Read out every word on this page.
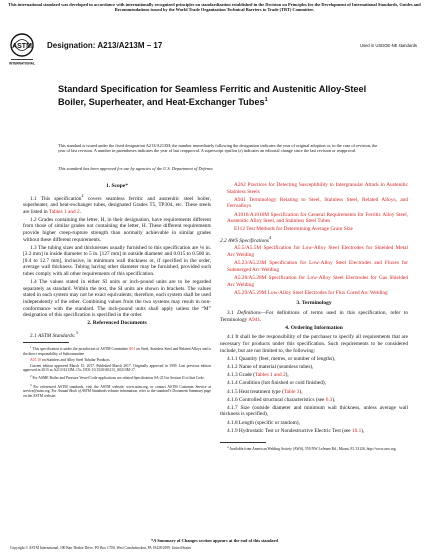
This international standard was developed in accordance with internationally recognized principles on standardization established in the Decision on Principles for the Development of International Standards, Guides and Recommendations issued by the World Trade Organization Technical Barriers to Trade (TBT) Committee.
ASTM
INTERNATIONAL
Designation: A213/A213M – 17	Used in USDOE-NE standards
Standard Specification for Seamless Ferritic and Austenitic Alloy-Steel Boiler, Superheater, and Heat-Exchanger Tubes$^1$
This standard is issued under the fixed designation A213/A213M; the number immediately following the designation indicates the year of original adoption or, in the case of revision, the year of last revision. A number in parentheses indicates the year of last reapproval. A superscript epsilon (ε) indicates an editorial change since the last revision or reapproval.
This standard has been approved for use by agencies of the U.S. Department of Defense.
1. Scope*

1.1 This specification$^2$ covers seamless ferritic and austenitic steel boiler, superheater, and heat-exchanger tubes, designated Grades T5, TP304, etc. These steels are listed in Tables 1 and 2.

1.2 Grades containing the letter, H, in their designation, have requirements different from those of similar grades not containing the letter, H. These different requirements provide higher creep-rupture strength than normally achievable in similar grades without these different requirements.

1.3 The tubing sizes and thicknesses usually furnished to this specification are ⅛ in. [3.2 mm] in inside diameter to 5 in. [127 mm] in outside diameter and 0.015 to 0.500 in. [0.4 to 12.7 mm], inclusive, in minimum wall thickness or, if specified in the order, average wall thickness. Tubing having other diameter may be furnished, provided such tubes comply with all other requirements of this specification.

1.4 The values stated in either SI units or inch-pound units are to be regarded separately as standard. Within the text, the SI units are shown in brackets. The values stated in each system may not be exact equivalents; therefore, each system shall be used independently of the other. Combining values from the two systems may result in non-conformance with the standard. The inch-pound units shall apply unless the “M” designation of this specification is specified in the order.

2. Referenced Documents

2.1 ASTM Standards:$^3$

$^1$ This specification is under the jurisdiction of ASTM Committee A01 on Steel, Stainless Steel and Related Alloys and is the direct responsibility of Subcommittee

A01.10 on Stainless and Alloy Steel Tubular Products.

Current edition approved March 15, 2017. Published March 2017. Originally approved in 1939. Last previous edition approved in 2015 as A213/A213M–15c. DOI: 10.1520/A0213_A0213M-17.

$^2$ For ASME Boiler and Pressure Vessel Code applications see related Specification SA-213 in Section II of that Code.

$^3$ For referenced ASTM standards, visit the ASTM website, www.astm.org, or contact ASTM Customer Service at service@astm.org. For Annual Book of ASTM Standards volume information, refer to the standard’s Document Summary page on the ASTM website.

A262 Practices for Detecting Susceptibility to Intergranular Attack in Austenitic Stainless Steels

A941 Terminology Relating to Steel, Stainless Steel, Related Alloys, and Ferroalloys

A1016/A1016M Specification for General Requirements for Ferritic Alloy Steel, Austenitic Alloy Steel, and Stainless Steel Tubes

E112 Test Methods for Determining Average Grain Size

2.2 AWS Specifications$^4$

A5.5/A5.5M Specification for Low-Alloy Steel Electrodes for Shielded Metal Arc Welding

A5.23/A5.23M Specification for Low-Alloy Steel Electrodes and Fluxes for Submerged Arc Welding

A5.28/A5.28M Specification for Low-Alloy Steel Electrodes for Gas Shielded Arc Welding

A5.29/A5.29M Low-Alloy Steel Electrodes for Flux Cored Arc Welding

3. Terminology

3.1 Definitions—For definitions of terms used in this specification, refer to Terminology A941.

4. Ordering Information

4.1 It shall be the responsibility of the purchaser to specify all requirements that are necessary for products under this specification. Such requirements to be considered include, but are not limited to, the following:

4.1.1 Quantity (feet, metres, or number of lengths),

4.1.2 Name of material (seamless tubes),

4.1.3 Grade (Tables 1 and 2),

4.1.4 Condition (hot finished or cold finished),

4.1.5 Heat treatment type (Table 3),

4.1.6 Controlled structural characteristics (see 6.3),

4.1.7 Size (outside diameter and minimum wall thickness, unless average wall thickness is specified),

4.1.8 Length (specific or random),

4.1.9 Hydrostatic Test or Nondestructive Electric Test (see 10.1),

$^4$ Available from American Welding Society (AWS), 550 NW LeJeune Rd., Miami, FL 33126, http://www.aws.org.

*A Summary of Changes section appears at the end of this standard
Copyright © ASTM International, 100 Barr Harbor Drive, PO Box C700, West Conshohocken, PA 19428-2959. United States
